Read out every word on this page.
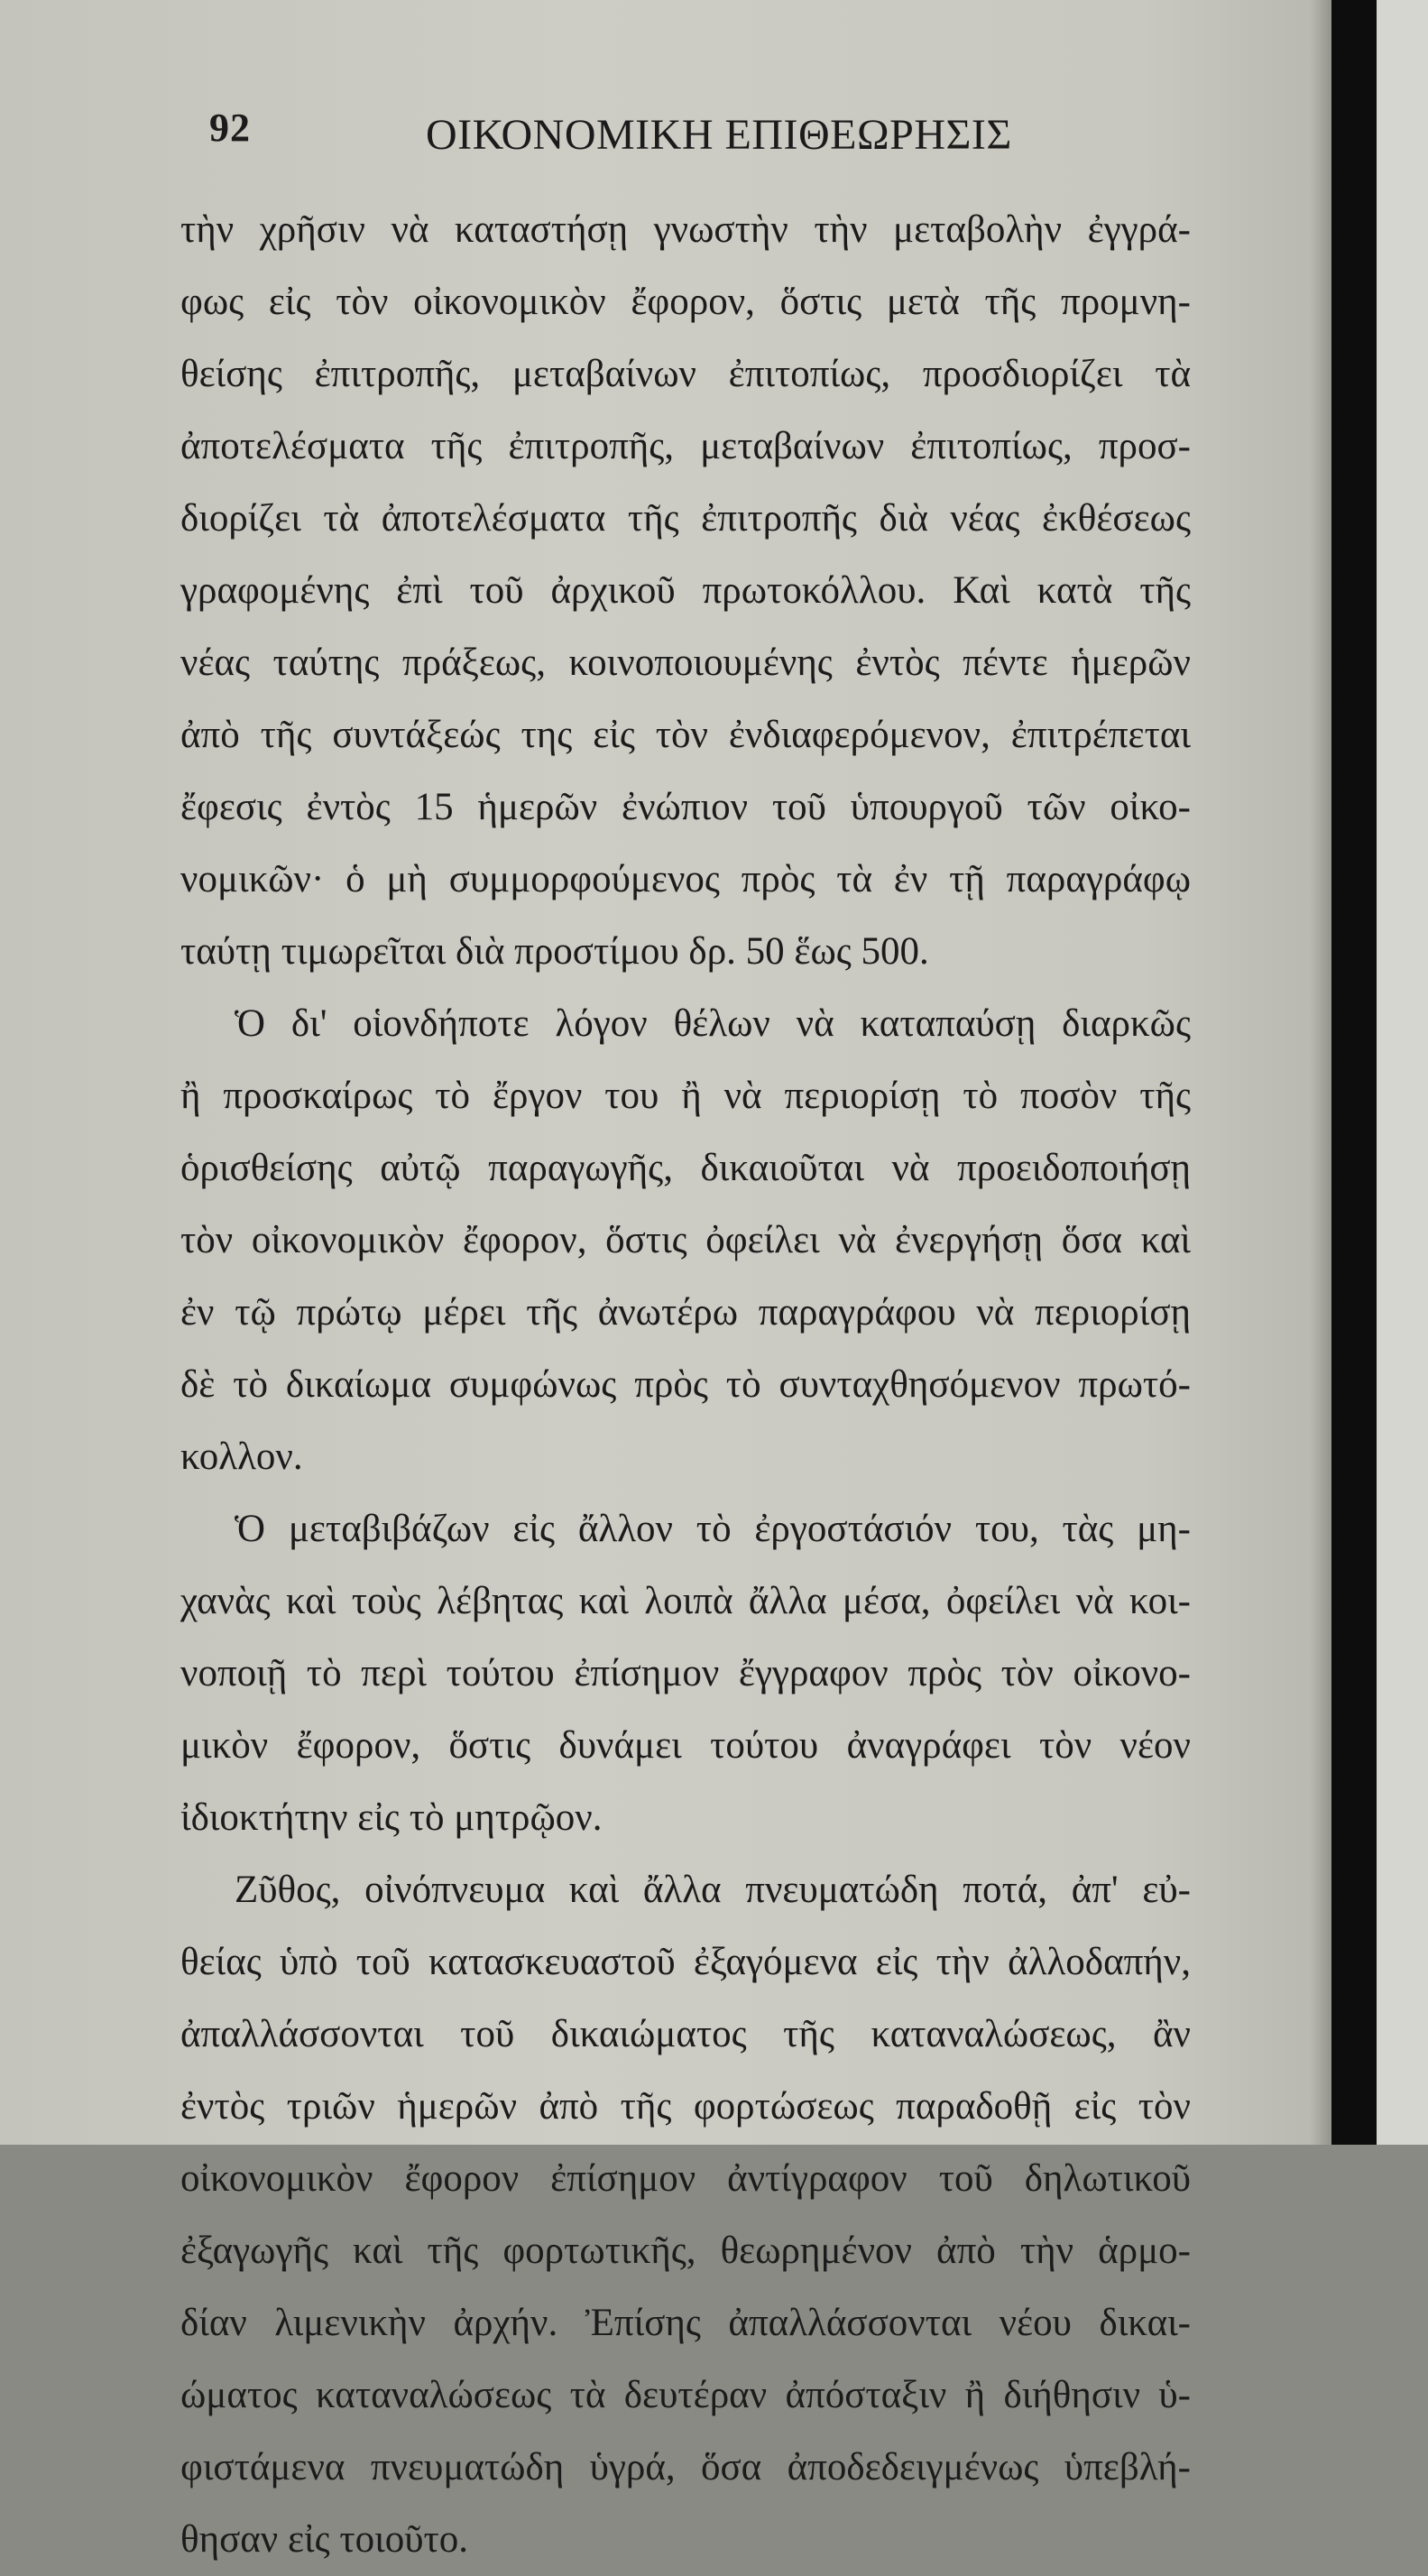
92	ΟΙΚΟΝΟΜΙΚΗ ΕΠΙΘΕΩΡΗΣΙΣ
τὴν χρῆσιν νὰ καταστήσῃ γνωστὴν τὴν μεταβολὴν ἐγγρά-
φως εἰς τὸν οἰκονομικὸν ἔφορον, ὅστις μετὰ τῆς προμνη-
θείσης ἐπιτροπῆς, μεταβαίνων ἐπιτοπίως, προσδιορίζει τὰ
ἀποτελέσματα τῆς ἐπιτροπῆς, μεταβαίνων ἐπιτοπίως, προσ-
διορίζει τὰ ἀποτελέσματα τῆς ἐπιτροπῆς διὰ νέας ἐκθέσεως
γραφομένης ἐπὶ τοῦ ἀρχικοῦ πρωτοκόλλου. Καὶ κατὰ τῆς
νέας ταύτης πράξεως, κοινοποιουμένης ἐντὸς πέντε ἡμερῶν
ἀπὸ τῆς συντάξεώς της εἰς τὸν ἐνδιαφερόμενον, ἐπιτρέπεται
ἔφεσις ἐντὸς 15 ἡμερῶν ἐνώπιον τοῦ ὑπουργοῦ τῶν οἰκο-
νομικῶν· ὁ μὴ συμμορφούμενος πρὸς τὰ ἐν τῇ παραγράφῳ
ταύτῃ τιμωρεῖται διὰ προστίμου δρ. 50 ἕως 500.
Ὁ δι' οἱονδήποτε λόγον θέλων νὰ καταπαύσῃ διαρκῶς
ἢ προσκαίρως τὸ ἔργον του ἢ νὰ περιορίσῃ τὸ ποσὸν τῆς
ὁρισθείσης αὐτῷ παραγωγῆς, δικαιοῦται νὰ προειδοποιήσῃ
τὸν οἰκονομικὸν ἔφορον, ὅστις ὀφείλει νὰ ἐνεργήσῃ ὅσα καὶ
ἐν τῷ πρώτῳ μέρει τῆς ἀνωτέρω παραγράφου νὰ περιορίσῃ
δὲ τὸ δικαίωμα συμφώνως πρὸς τὸ συνταχθησόμενον πρωτό-
κολλον.
Ὁ μεταβιβάζων εἰς ἄλλον τὸ ἐργοστάσιόν του, τὰς μη-
χανὰς καὶ τοὺς λέβητας καὶ λοιπὰ ἄλλα μέσα, ὀφείλει νὰ κοι-
νοποιῇ τὸ περὶ τούτου ἐπίσημον ἔγγραφον πρὸς τὸν οἰκονο-
μικὸν ἔφορον, ὅστις δυνάμει τούτου ἀναγράφει τὸν νέον
ἰδιοκτήτην εἰς τὸ μητρῷον.
Ζῦθος, οἰνόπνευμα καὶ ἄλλα πνευματώδη ποτά, ἀπ' εὐ-
θείας ὑπὸ τοῦ κατασκευαστοῦ ἐξαγόμενα εἰς τὴν ἀλλοδαπήν,
ἀπαλλάσσονται τοῦ δικαιώματος τῆς καταναλώσεως, ἂν
ἐντὸς τριῶν ἡμερῶν ἀπὸ τῆς φορτώσεως παραδοθῇ εἰς τὸν
οἰκονομικὸν ἔφορον ἐπίσημον ἀντίγραφον τοῦ δηλωτικοῦ
ἐξαγωγῆς καὶ τῆς φορτωτικῆς, θεωρημένον ἀπὸ τὴν ἁρμο-
δίαν λιμενικὴν ἀρχήν. Ἐπίσης ἀπαλλάσσονται νέου δικαι-
ώματος καταναλώσεως τὰ δευτέραν ἀπόσταξιν ἢ διήθησιν ὑ-
φιστάμενα πνευματώδη ὑγρά, ὅσα ἀποδεδειγμένως ὑπεβλή-
θησαν εἰς τοιοῦτο.
